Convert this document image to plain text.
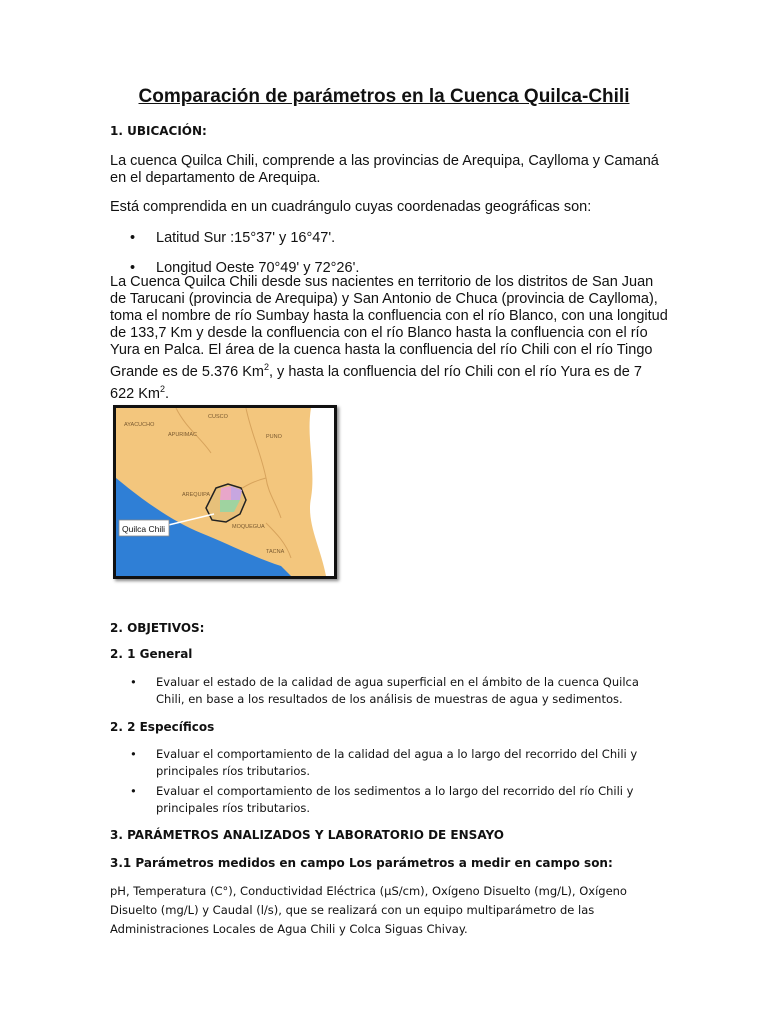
Comparación de parámetros en la Cuenca Quilca-Chili
1. UBICACIÓN:
La cuenca Quilca Chili, comprende a las provincias de Arequipa, Caylloma y Camaná
en el departamento de Arequipa.
Está comprendida en un cuadrángulo cuyas coordenadas geográficas son:
• Latitud Sur :15°37' y 16°47'.
• Longitud Oeste 70°49' y 72°26'.
La Cuenca Quilca Chili desde sus nacientes en territorio de los distritos de San Juan
de Tarucani (provincia de Arequipa) y San Antonio de Chuca (provincia de Caylloma),
toma el nombre de río Sumbay hasta la confluencia con el río Blanco, con una longitud
de 133,7 Km y desde la confluencia con el río Blanco hasta la confluencia con el río
Yura en Palca. El área de la cuenca hasta la confluencia del río Chili con el río Tingo
Grande es de 5.376 Km$^2$, y hasta la confluencia del río Chili con el río Yura es de 7
622 Km$^2$.
Quilca Chili
AYACUCHO
APURIMAC
CUSCO
PUNO
AREQUIPA
MOQUEGUA
TACNA
2. OBJETIVOS:
2. 1 General
• Evaluar el estado de la calidad de agua superficial en el ámbito de la cuenca Quilca
Chili, en base a los resultados de los análisis de muestras de agua y sedimentos.
2. 2 Específicos
• Evaluar el comportamiento de la calidad del agua a lo largo del recorrido del Chili y
principales ríos tributarios.
• Evaluar el comportamiento de los sedimentos a lo largo del recorrido del río Chili y
principales ríos tributarios.
3. PARÁMETROS ANALIZADOS Y LABORATORIO DE ENSAYO
3.1 Parámetros medidos en campo Los parámetros a medir en campo son:
pH, Temperatura (C°), Conductividad Eléctrica (µS/cm), Oxígeno Disuelto (mg/L), Oxígeno
Disuelto (mg/L) y Caudal (l/s), que se realizará con un equipo multiparámetro de las
Administraciones Locales de Agua Chili y Colca Siguas Chivay.
